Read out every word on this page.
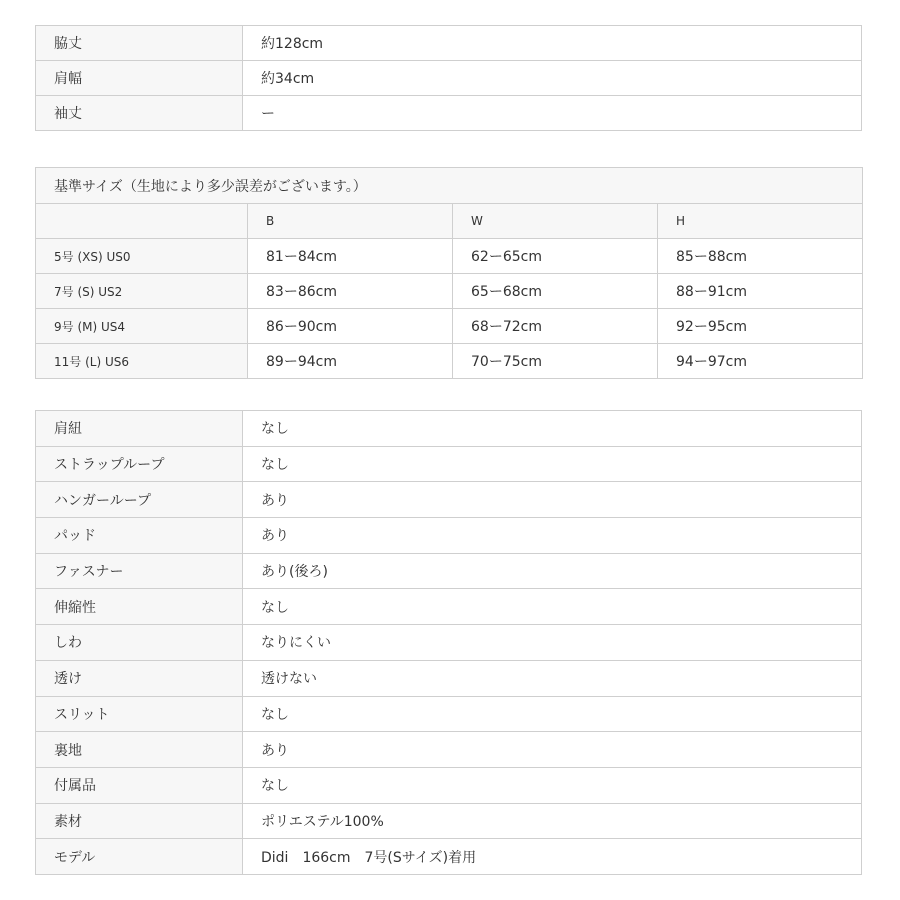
脇丈	約128cm
肩幅	約34cm
袖丈	ー
基準サイズ（生地により多少誤差がございます。）			
	B	W	H
5号 (XS) US0	81ー84cm	62ー65cm	85ー88cm
7号 (S) US2	83ー86cm	65ー68cm	88ー91cm
9号 (M) US4	86ー90cm	68ー72cm	92ー95cm
11号 (L) US6	89ー94cm	70ー75cm	94ー97cm
肩紐	なし
ストラップループ	なし
ハンガーループ	あり
パッド	あり
ファスナー	あり(後ろ)
伸縮性	なし
しわ	なりにくい
透け	透けない
スリット	なし
裏地	あり
付属品	なし
素材	ポリエステル100%
モデル	Didi　166cm　7号(Sサイズ)着用
